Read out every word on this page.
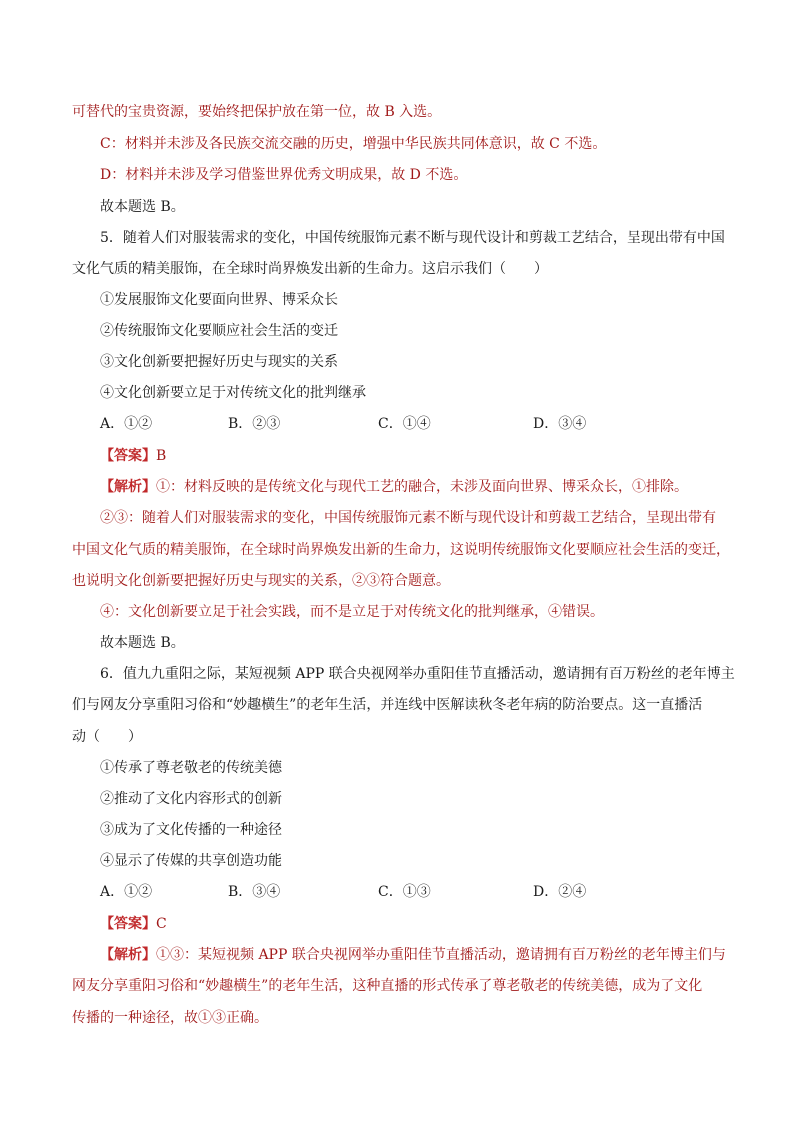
可替代的宝贵资源，要始终把保护放在第一位，故 B 入选。
C：材料并未涉及各民族交流交融的历史，增强中华民族共同体意识，故 C 不选。
D：材料并未涉及学习借鉴世界优秀文明成果，故 D 不选。
故本题选 B。
5．随着人们对服装需求的变化，中国传统服饰元素不断与现代设计和剪裁工艺结合，呈现出带有中国
文化气质的精美服饰，在全球时尚界焕发出新的生命力。这启示我们（　　）
①发展服饰文化要面向世界、博采众长
②传统服饰文化要顺应社会生活的变迁
③文化创新要把握好历史与现实的关系
④文化创新要立足于对传统文化的批判继承
A．①②	B．②③	C．①④	D．③④
【答案】B
【解析】①：材料反映的是传统文化与现代工艺的融合，未涉及面向世界、博采众长，①排除。
②③：随着人们对服装需求的变化，中国传统服饰元素不断与现代设计和剪裁工艺结合，呈现出带有
中国文化气质的精美服饰，在全球时尚界焕发出新的生命力，这说明传统服饰文化要顺应社会生活的变迁，
也说明文化创新要把握好历史与现实的关系，②③符合题意。
④：文化创新要立足于社会实践，而不是立足于对传统文化的批判继承，④错误。
故本题选 B。
6．值九九重阳之际，某短视频 APP 联合央视网举办重阳佳节直播活动，邀请拥有百万粉丝的老年博主
们与网友分享重阳习俗和“妙趣横生”的老年生活，并连线中医解读秋冬老年病的防治要点。这一直播活
动（　　）
①传承了尊老敬老的传统美德
②推动了文化内容形式的创新
③成为了文化传播的一种途径
④显示了传媒的共享创造功能
A．①②	B．③④	C．①③	D．②④
【答案】C
【解析】①③：某短视频 APP 联合央视网举办重阳佳节直播活动，邀请拥有百万粉丝的老年博主们与
网友分享重阳习俗和“妙趣横生”的老年生活，这种直播的形式传承了尊老敬老的传统美德，成为了文化
传播的一种途径，故①③正确。
